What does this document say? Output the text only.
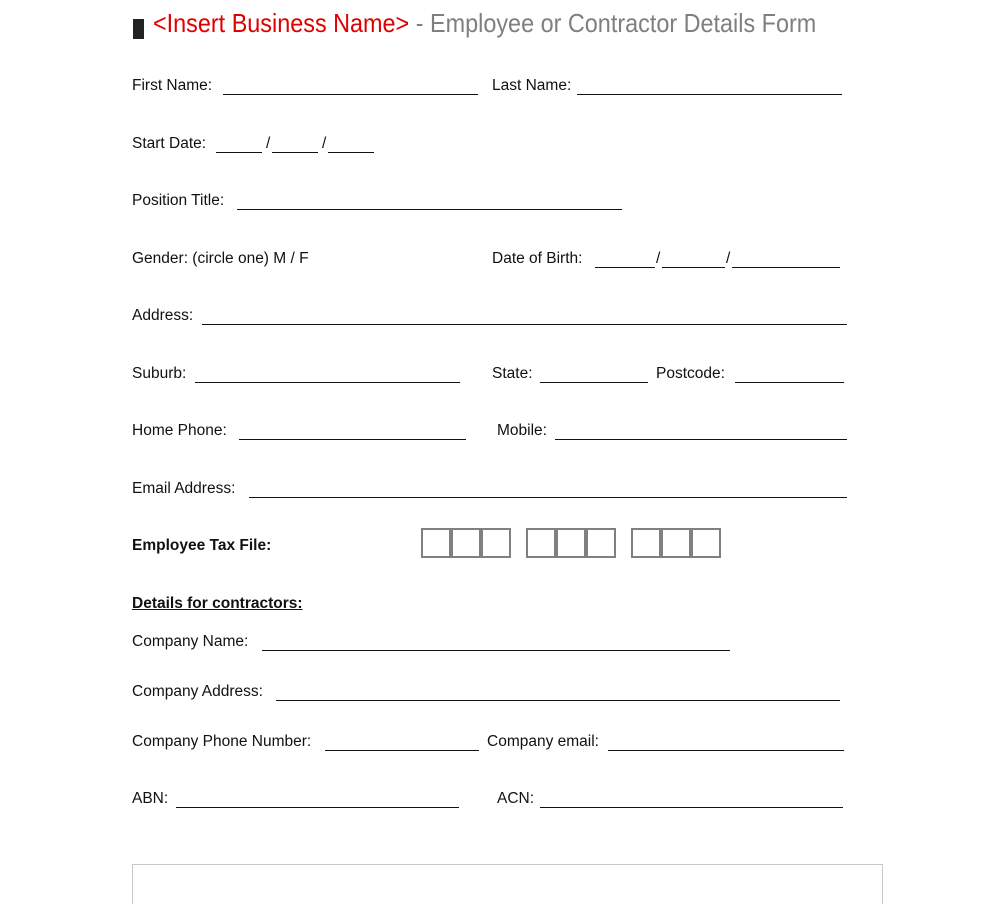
<Insert Business Name> - Employee or Contractor Details Form
First Name:	Last Name:
Start Date:	/	/
Position Title:
Gender: (circle one) M / F	Date of Birth:	/	/
Address:
Suburb:	State:	Postcode:
Home Phone:	Mobile:
Email Address:
Employee Tax File:
Details for contractors:
Company Name:
Company Address:
Company Phone Number:	Company email:
ABN:	ACN:
